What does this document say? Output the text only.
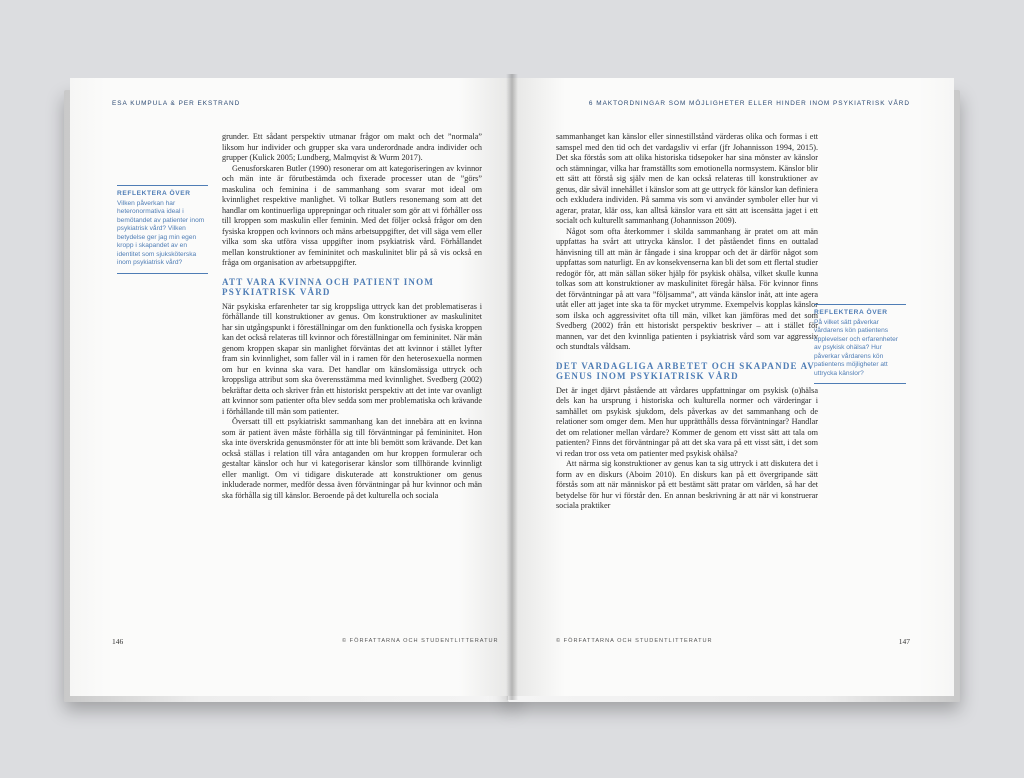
ESA KUMPULA & PER EKSTRAND
REFLEKTERA ÖVER
Vilken påverkan har heteronormativa ideal i bemötandet av patienter inom psykiatrisk vård? Vilken betydelse ger jag min egen kropp i skapandet av en identitet som sjuksköterska inom psykiatrisk vård?

grunder. Ett sådant perspektiv utmanar frågor om makt och det ”normala” liksom hur individer och grupper ska vara underordnade andra individer och grupper (Kulick 2005; Lundberg, Malmqvist & Wurm 2017).

Genusforskaren Butler (1990) resonerar om att kategoriseringen av kvinnor och män inte är förutbestämda och fixerade processer utan de ”görs” maskulina och feminina i de sammanhang som svarar mot ideal om kvinnlighet respektive manlighet. Vi tolkar Butlers resonemang som att det handlar om kontinuerliga upprepningar och ritualer som gör att vi förhåller oss till kroppen som maskulin eller feminin. Med det följer också frågor om den fysiska kroppen och kvinnors och mäns arbetsuppgifter, det vill säga vem eller vilka som ska utföra vissa uppgifter inom psykiatrisk vård. Förhållandet mellan konstruktioner av femininitet och maskulinitet blir på så vis också en fråga om organisation av arbetsuppgifter.

ATT VARA KVINNA OCH PATIENT INOM PSYKIATRISK VÅRD

När psykiska erfarenheter tar sig kroppsliga uttryck kan det problematiseras i förhållande till konstruktioner av genus. Om konstruktioner av maskulinitet har sin utgångspunkt i föreställningar om den funktionella och fysiska kroppen kan det också relateras till kvinnor och föreställningar om femininitet. När män genom kroppen skapar sin manlighet förväntas det att kvinnor i stället lyfter fram sin kvinnlighet, som faller väl in i ramen för den heterosexuella normen om hur en kvinna ska vara. Det handlar om känslomässiga uttryck och kroppsliga attribut som ska överensstämma med kvinnlighet. Svedberg (2002) bekräftar detta och skriver från ett historiskt perspektiv att det inte var ovanligt att kvinnor som patienter ofta blev sedda som mer problematiska och krävande i förhållande till män som patienter.

Översatt till ett psykiatriskt sammanhang kan det innebära att en kvinna som är patient även måste förhålla sig till förväntningar på femininitet. Hon ska inte överskrida genusmönster för att inte bli bemött som krävande. Det kan också ställas i relation till våra antaganden om hur kroppen formulerar och gestaltar känslor och hur vi kategoriserar känslor som tillhörande kvinnligt eller manligt. Om vi tidigare diskuterade att konstruktioner om genus inkluderade normer, medför dessa även förväntningar på hur kvinnor och män ska förhålla sig till känslor. Beroende på det kulturella och sociala

146	© FÖRFATTARNA OCH STUDENTLITTERATUR
6 MAKTORDNINGAR SOM MÖJLIGHETER ELLER HINDER INOM PSYKIATRISK VÅRD

sammanhanget kan känslor eller sinnestillstånd värderas olika och formas i ett samspel med den tid och det vardagsliv vi erfar (jfr Johannisson 1994, 2015). Det ska förstås som att olika historiska tidsepoker har sina mönster av känslor och stämningar, vilka har framställts som emotionella normsystem. Känslor blir ett sätt att förstå sig själv men de kan också relateras till konstruktioner av genus, där såväl innehållet i känslor som att ge uttryck för känslor kan definiera och exkludera individen. På samma vis som vi använder symboler eller hur vi agerar, pratar, klär oss, kan alltså känslor vara ett sätt att iscensätta jaget i ett socialt och kulturellt sammanhang (Johannisson 2009).

Något som ofta återkommer i skilda sammanhang är pratet om att män uppfattas ha svårt att uttrycka känslor. I det påståendet finns en outtalad hänvisning till att män är fångade i sina kroppar och det är därför något som uppfattas som naturligt. En av konsekvenserna kan bli det som ett flertal studier redogör för, att män sällan söker hjälp för psykisk ohälsa, vilket skulle kunna tolkas som att konstruktioner av maskulinitet föregår hälsa. För kvinnor finns det förväntningar på att vara ”följsamma”, att vända känslor inåt, att inte agera utåt eller att jaget inte ska ta för mycket utrymme. Exempelvis kopplas känslor som ilska och aggressivitet ofta till män, vilket kan jämföras med det som Svedberg (2002) från ett historiskt perspektiv beskriver – att i stället för mannen, var det den kvinnliga patienten i psykiatrisk vård som var aggressiv och stundtals våldsam.

DET VARDAGLIGA ARBETET OCH SKAPANDE AV GENUS INOM PSYKIATRISK VÅRD

Det är inget djärvt påstående att vårdares uppfattningar om psykisk (o)hälsa dels kan ha ursprung i historiska och kulturella normer och värderingar i samhället om psykisk sjukdom, dels påverkas av det sammanhang och de relationer som omger dem. Men hur upprätthålls dessa förväntningar? Handlar det om relationer mellan vårdare? Kommer de genom ett visst sätt att tala om patienten? Finns det förväntningar på att det ska vara på ett visst sätt, i det som vi redan tror oss veta om patienter med psykisk ohälsa?

Att närma sig konstruktioner av genus kan ta sig uttryck i att diskutera det i form av en diskurs (Aboim 2010). En diskurs kan på ett övergripande sätt förstås som att när människor på ett bestämt sätt pratar om världen, så har det betydelse för hur vi förstår den. En annan beskrivning är att när vi konstruerar sociala praktiker

REFLEKTERA ÖVER
På vilket sätt påverkar vårdarens kön patientens upplevelser och erfarenheter av psykisk ohälsa? Hur påverkar vårdarens kön patientens möjligheter att uttrycka känslor?
© FÖRFATTARNA OCH STUDENTLITTERATUR	147
